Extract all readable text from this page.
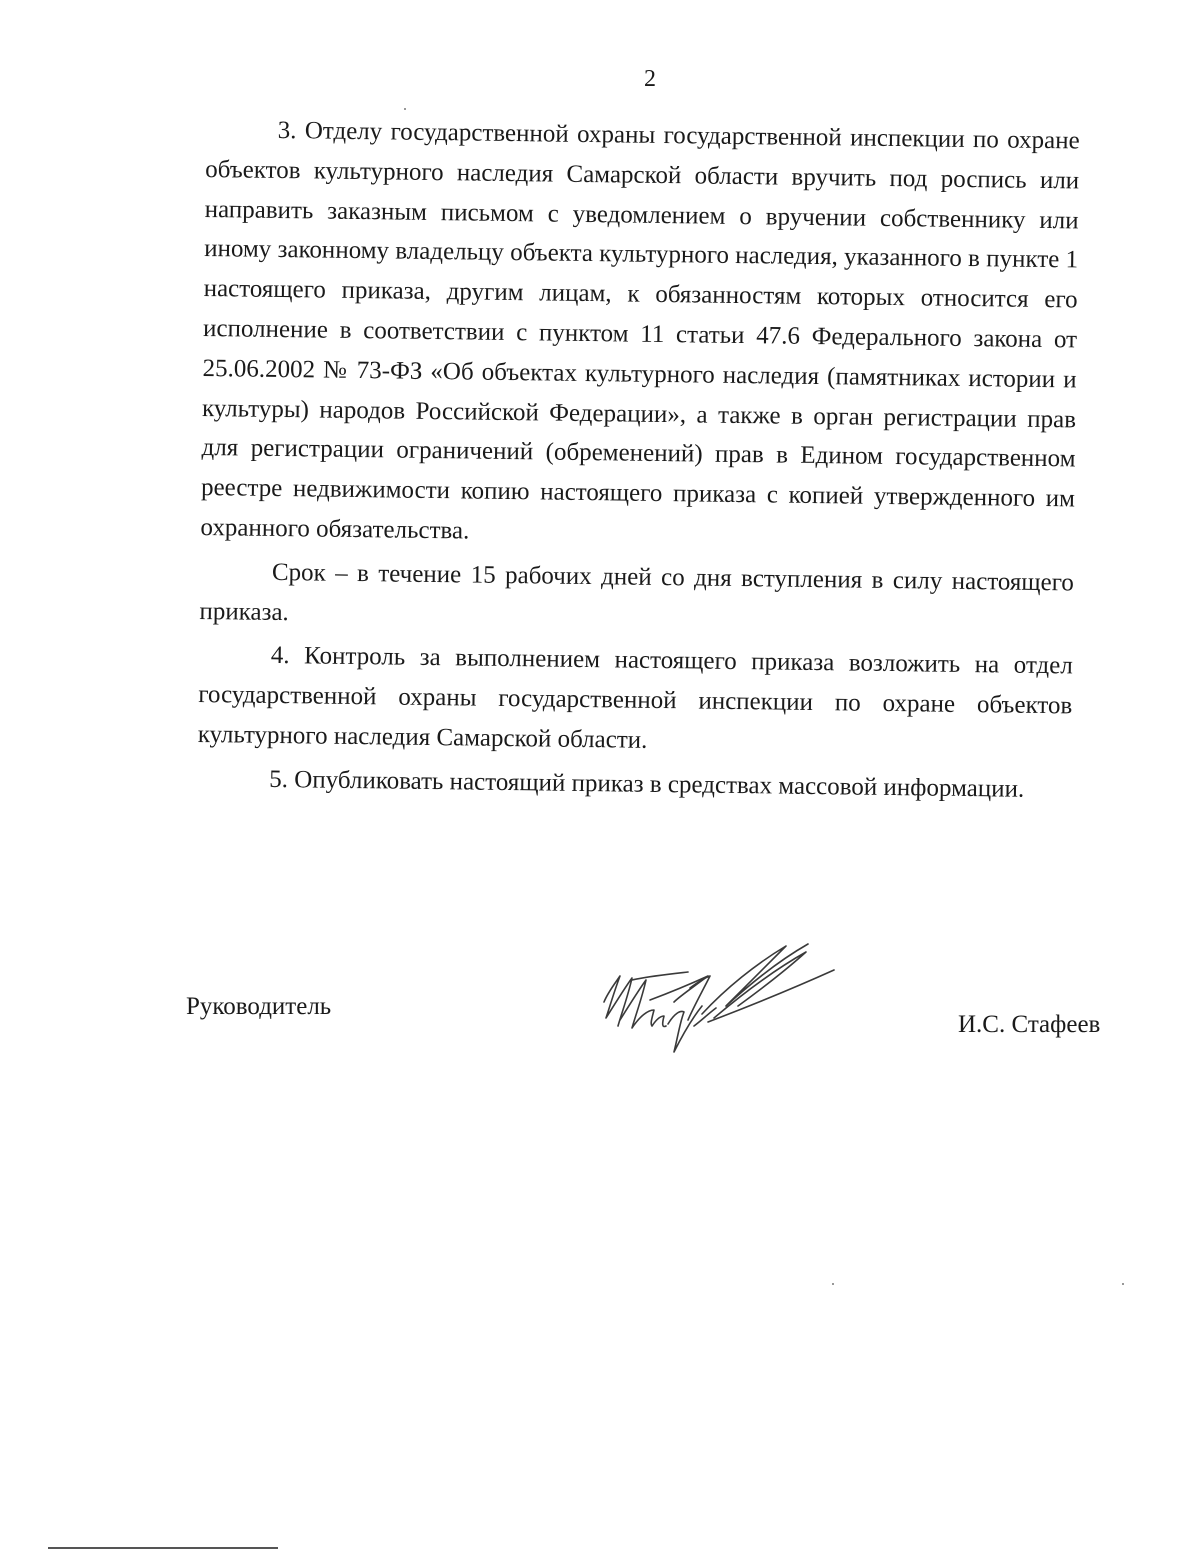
2

3. Отделу государственной охраны государственной инспекции по охране объектов культурного наследия Самарской области вручить под роспись или направить заказным письмом с уведомлением о вручении собственнику или иному законному владельцу объекта культурного наследия, указанного в пункте 1 настоящего приказа, другим лицам, к обязанностям которых относится его исполнение в соответствии с пунктом 11 статьи 47.6 Федерального закона от 25.06.2002 № 73-ФЗ «Об объектах культурного наследия (памятниках истории и культуры) народов Российской Федерации», а также в орган регистрации прав для регистрации ограничений (обременений) прав в Едином государственном реестре недвижимости копию настоящего приказа с копией утвержденного им охранного обязательства.

Срок – в течение 15 рабочих дней со дня вступления в силу настоящего приказа.

4. Контроль за выполнением настоящего приказа возложить на отдел государственной охраны государственной инспекции по охране объектов культурного наследия Самарской области.

5. Опубликовать настоящий приказ в средствах массовой информации.

Руководитель
И.С. Стафеев
